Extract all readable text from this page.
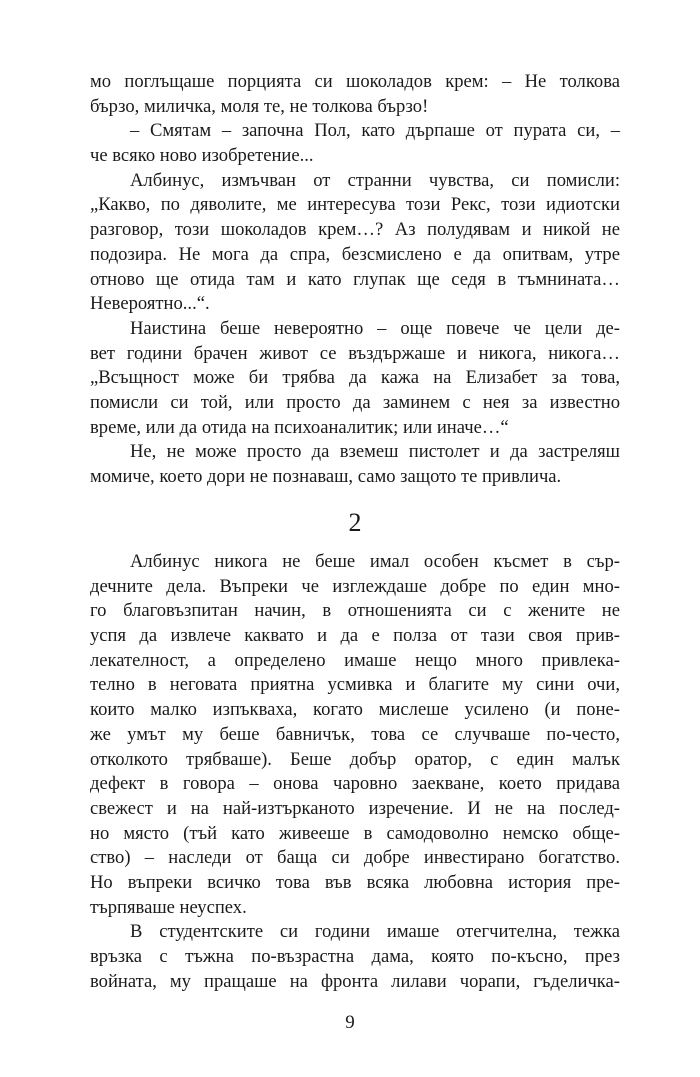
мо поглъщаше порцията си шоколадов крем: – Не толкова
бързо, миличка, моля те, не толкова бързо!
– Смятам – започна Пол, като дърпаше от пурата си, –
че всяко ново изобретение...
Албинус, измъчван от странни чувства, си помисли:
„Какво, по дяволите, ме интересува този Рекс, този идиотски
разговор, този шоколадов крем…? Аз полудявам и никой не
подозира. Не мога да спра, безсмислено е да опитвам, утре
отново ще отида там и като глупак ще седя в тъмнината…
Невероятно...“.
Наистина беше невероятно – още повече че цели де-
вет години брачен живот се въздържаше и никога, никога…
„Всъщност може би трябва да кажа на Елизабет за това,
помисли си той, или просто да заминем с нея за известно
време, или да отида на психоаналитик; или иначе…“
Не, не може просто да вземеш пистолет и да застреляш
момиче, което дори не познаваш, само защото те привлича.
2
Албинус никога не беше имал особен късмет в сър-
дечните дела. Въпреки че изглеждаше добре по един мно-
го благовъзпитан начин, в отношенията си с жените не
успя да извлече каквато и да е полза от тази своя прив-
лекателност, а определено имаше нещо много привлека-
телно в неговата приятна усмивка и благите му сини очи,
които малко изпъкваха, когато мислеше усилено (и поне-
же умът му беше бавничък, това се случваше по-често,
отколкото трябваше). Беше добър оратор, с един малък
дефект в говора – онова чаровно заекване, което придава
свежест и на най-изтърканото изречение. И не на послед-
но място (тъй като живееше в самодоволно немско обще-
ство) – наследи от баща си добре инвестирано богатство.
Но въпреки всичко това във всяка любовна история пре-
търпяваше неуспех.
В студентските си години имаше отегчителна, тежка
връзка с тъжна по-възрастна дама, която по-късно, през
войната, му пращаше на фронта лилави чорапи, гъделичка-
9
